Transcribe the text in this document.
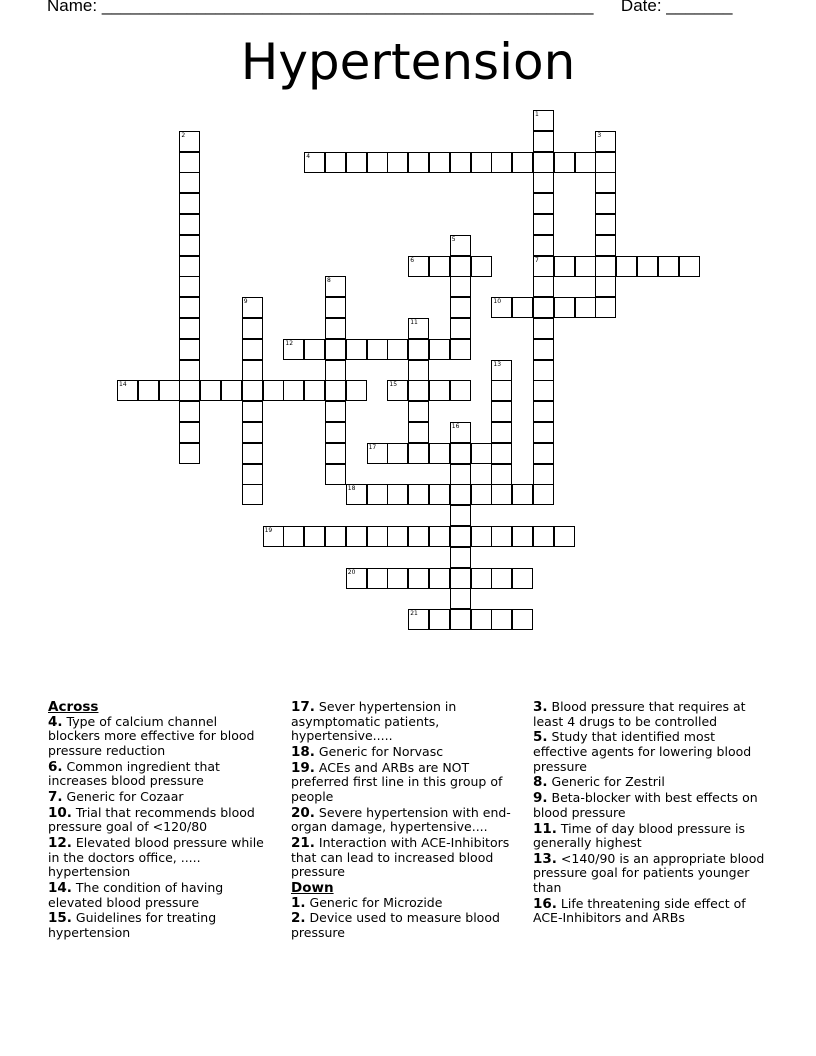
Name: ____________________________________________________ Date: _______
Hypertension
1
2	3
4
5
6	7
8
9	10
11
12
13
14	15
16
17
18
19
20
21
Across
4. Type of calcium channel blockers more effective for blood pressure reduction
6. Common ingredient that increases blood pressure
7. Generic for Cozaar
10. Trial that recommends blood pressure goal of <120/80
12. Elevated blood pressure while in the doctors office, ..... hypertension
14. The condition of having elevated blood pressure
15. Guidelines for treating hypertension
17. Sever hypertension in asymptomatic patients, hypertensive.....
18. Generic for Norvasc
19. ACEs and ARBs are NOT preferred first line in this group of people
20. Severe hypertension with end-organ damage, hypertensive....
21. Interaction with ACE-Inhibitors that can lead to increased blood pressure
Down
1. Generic for Microzide
2. Device used to measure blood pressure
3. Blood pressure that requires at least 4 drugs to be controlled
5. Study that identified most effective agents for lowering blood pressure
8. Generic for Zestril
9. Beta-blocker with best effects on blood pressure
11. Time of day blood pressure is generally highest
13. <140/90 is an appropriate blood pressure goal for patients younger than
16. Life threatening side effect of ACE-Inhibitors and ARBs
